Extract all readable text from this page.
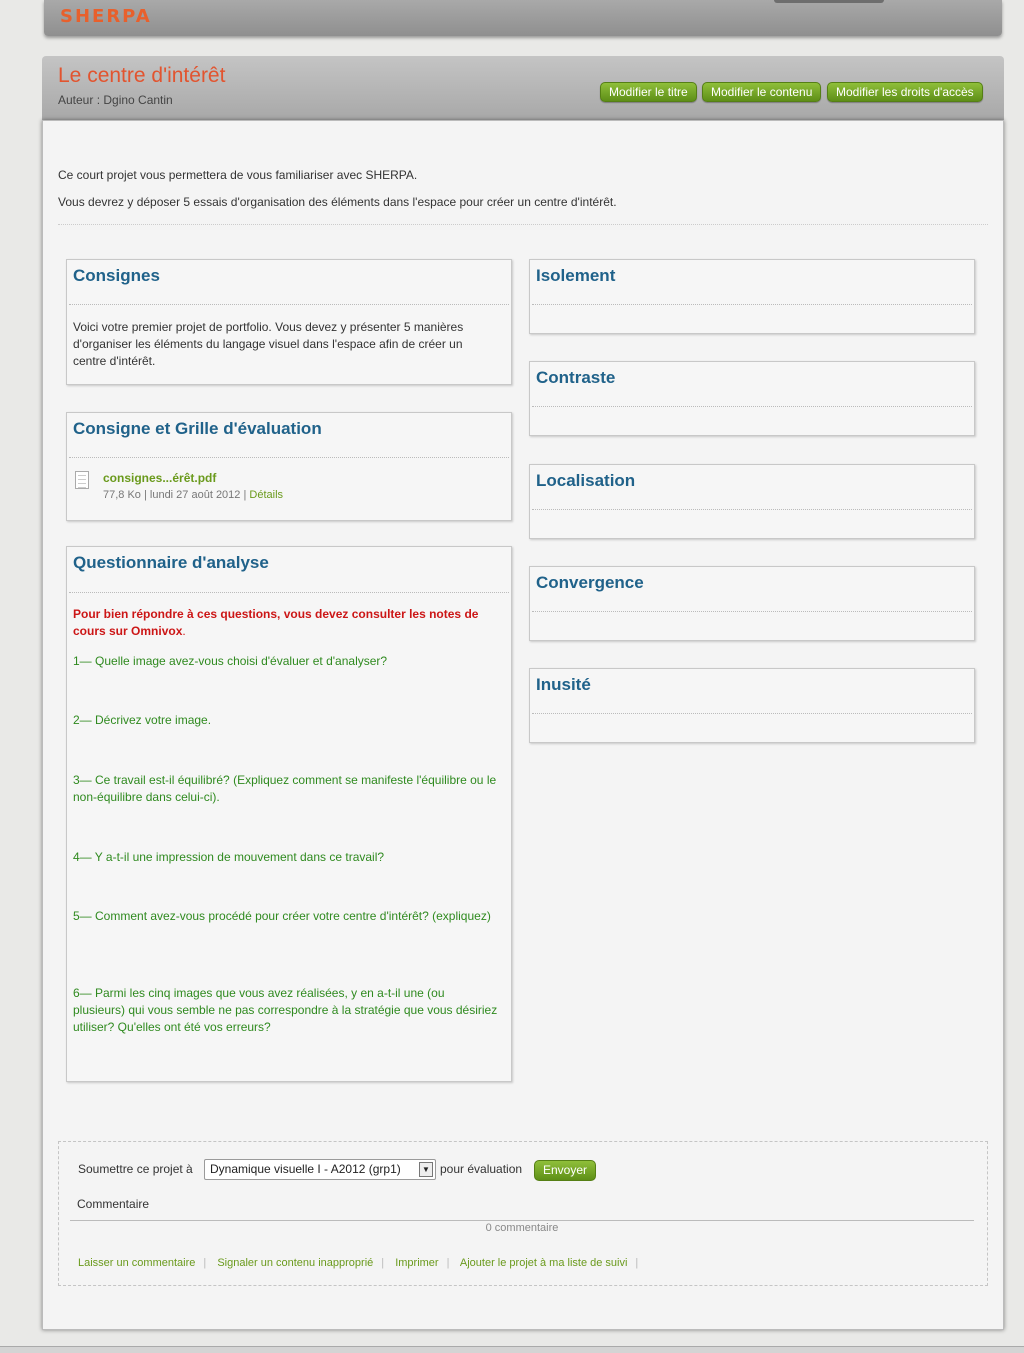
SHERPA
Le centre d'intérêt
Auteur : Dgino Cantin
Modifier le titre	Modifier le contenu	Modifier les droits d'accès
Ce court projet vous permettera de vous familiariser avec SHERPA.
Vous devrez y déposer 5 essais d'organisation des éléments dans l'espace pour créer un centre d'intérêt.
Consignes
Voici votre premier projet de portfolio. Vous devez y présenter 5 manières d'organiser les éléments du langage visuel dans l'espace afin de créer un centre d'intérêt.
Consigne et Grille d'évaluation
consignes...érêt.pdf
77,8 Ko | lundi 27 août 2012 | Détails
Questionnaire d'analyse
Pour bien répondre à ces questions, vous devez consulter les notes de cours sur Omnivox.
1— Quelle image avez-vous choisi d'évaluer et d'analyser?
2— Décrivez votre image.
3— Ce travail est-il équilibré? (Expliquez comment se manifeste l'équilibre ou le non-équilibre dans celui-ci).
4— Y a-t-il une impression de mouvement dans ce travail?
5— Comment avez-vous procédé pour créer votre centre d'intérêt? (expliquez)
6— Parmi les cinq images que vous avez réalisées, y en a-t-il une (ou plusieurs) qui vous semble ne pas correspondre à la stratégie que vous désiriez utiliser? Qu'elles ont été vos erreurs?
Isolement
Contraste
Localisation
Convergence
Inusité
Soumettre ce projet à	Dynamique visuelle I - A2012 (grp1)	▼ pour évaluation	Envoyer
Commentaire
0 commentaire
Laisser un commentaire | Signaler un contenu inapproprié | Imprimer | Ajouter le projet à ma liste de suivi |
